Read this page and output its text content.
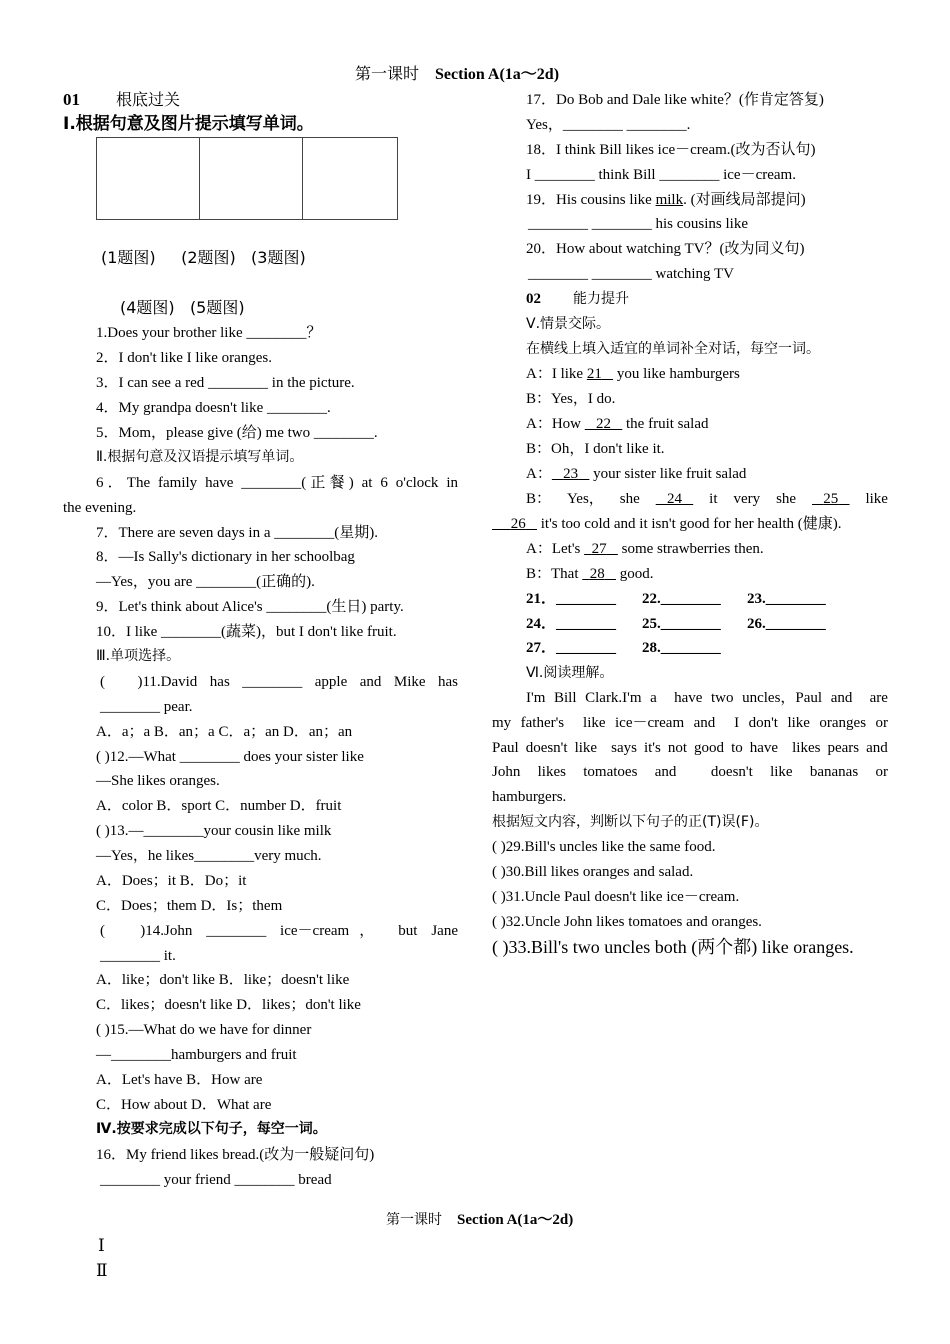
第一课时 Section A(1a～2d)
01 根底过关
Ⅰ.根据句意及图片提示填写单词。
(1题图) (2题图) (3题图)
(4题图) (5题图)
1.Does your brother like ________？
2．I don't like I like oranges.
3．I can see a red ________ in the picture.
4．My grandpa doesn't like ________.
5．Mom，please give (给) me two ________.
Ⅱ.根据句意及汉语提示填写单词。
6．The family have ________(正餐) at 6 o'clock in
the evening.
7．There are seven days in a ________(星期).
8．—Is Sally's dictionary in her schoolbag
—Yes，you are ________(正确的).
9．Let's think about Alice's ________(生日) party.
10．I like ________(蔬菜)，but I don't like fruit.
Ⅲ.单项选择。
(　)11.David has ________ apple and Mike has
________ pear.
A．a；a B．an；a C．a；an D．an；an
( )12.—What ________ does your sister like
—She likes oranges.
A．color B．sport C．number D．fruit
( )13.—________your cousin like milk
—Yes，he likes________very much.
A．Does；it B．Do；it
C．Does；them D．Is；them
(　)14.John ________ ice－cream， but Jane
________ it.
A．like；don't like B．like；doesn't like
C．likes；doesn't like D．likes；don't like
( )15.—What do we have for dinner
—________hamburgers and fruit
A．Let's have B．How are
C．How about D．What are
Ⅳ.按要求完成以下句子，每空一词。
16．My friend likes bread.(改为一般疑问句)
________ your friend ________ bread
17．Do Bob and Dale like white？(作肯定答复)
Yes，________ ________.
18．I think Bill likes ice－cream.(改为否认句)
I ________ think Bill ________ ice－cream.
19．His cousins like milk. (对画线局部提问)
________ ________ his cousins like
20．How about watching TV？(改为同义句)
________ ________ watching TV
02 能力提升
Ⅴ.情景交际。
在横线上填入适宜的单词补全对话，每空一词。
A：I like 21    you like hamburgers
B：Yes，I do.
A：How    22    the fruit salad
B：Oh，I don't like it.
A： 23    your sister like fruit salad
B： Yes， she	24	it very she	25	like
26    it's too cold and it isn't good for her health (健康).
A：Let's   27    some strawberries then.
B：That   28    good.
21．________ 22.________ 23.________
24．________ 25.________ 26.________
27．________ 28.________
Ⅵ.阅读理解。
I'm Bill Clark.I'm a have two uncles，Paul and are
my father's like ice－cream and I don't like oranges or
Paul doesn't like says it's not good to have likes pears and
John likes tomatoes and doesn't like bananas or
hamburgers.
根据短文内容，判断以下句子的正(T)误(F)。
( )29.Bill's uncles like the same food.
( )30.Bill likes oranges and salad.
( )31.Uncle Paul doesn't like ice－cream.
( )32.Uncle John likes tomatoes and oranges.
( )33.Bill's two uncles both (两个都) like oranges.
第一课时 Section A(1a～2d)
Ⅰ
Ⅱ
